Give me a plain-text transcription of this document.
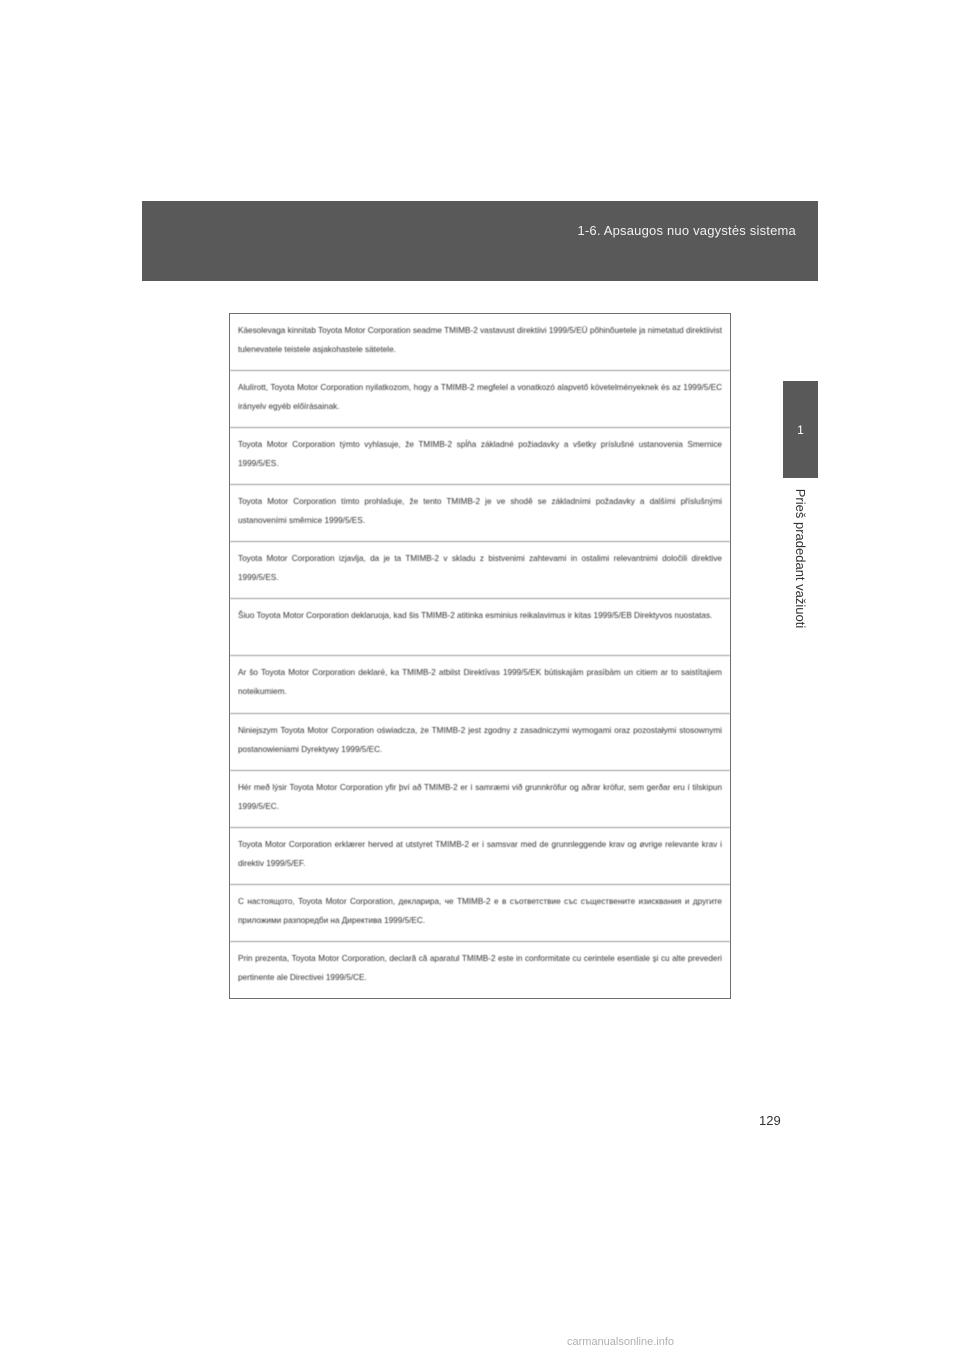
1-6. Apsaugos nuo vagystės sistema
1
Prieš pradedant važiuoti
Käesolevaga kinnitab Toyota Motor Corporation seadme TMIMB-2 vastavust direktiivi 1999/5/EÜ põhinõuetele ja nimetatud direktiivist tulenevatele teistele asjakohastele sätetele.
Alulírott, Toyota Motor Corporation nyilatkozom, hogy a TMIMB-2 megfelel a vonatkozó alapvető követelményeknek és az 1999/5/EC irányelv egyéb előírásainak.
Toyota Motor Corporation týmto vyhlasuje, že TMIMB-2 spĺňa základné požiadavky a všetky príslušné ustanovenia Smernice 1999/5/ES.
Toyota Motor Corporation tímto prohlašuje, že tento TMIMB-2 je ve shodě se základními požadavky a dalšími příslušnými ustanoveními směrnice 1999/5/ES.
Toyota Motor Corporation izjavlja, da je ta TMIMB-2 v skladu z bistvenimi zahtevami in ostalimi relevantnimi določili direktive 1999/5/ES.
Šiuo Toyota Motor Corporation deklaruoja, kad šis TMIMB-2 atitinka esminius reikalavimus ir kitas 1999/5/EB Direktyvos nuostatas.
Ar šo Toyota Motor Corporation deklarē, ka TMIMB-2 atbilst Direktīvas 1999/5/EK būtiskajām prasībām un citiem ar to saistītajiem noteikumiem.
Niniejszym Toyota Motor Corporation oświadcza, że TMIMB-2 jest zgodny z zasadniczymi wymogami oraz pozostałymi stosownymi postanowieniami Dyrektywy 1999/5/EC.
Hér með lýsir Toyota Motor Corporation yfir því að TMIMB-2 er í samræmi við grunnkröfur og aðrar kröfur, sem gerðar eru í tilskipun 1999/5/EC.
Toyota Motor Corporation erklærer herved at utstyret TMIMB-2 er i samsvar med de grunnleggende krav og øvrige relevante krav i direktiv 1999/5/EF.
С настоящото, Toyota Motor Corporation, декларира, че TMIMB-2 е в съответствие със съществените изисквания и другите приложими разпоредби на Директива 1999/5/ЕС.
Prin prezenta, Toyota Motor Corporation, declară că aparatul TMIMB-2 este in conformitate cu cerintele esentiale şi cu alte prevederi pertinente ale Directivei 1999/5/CE.
129
carmanualsonline.info
